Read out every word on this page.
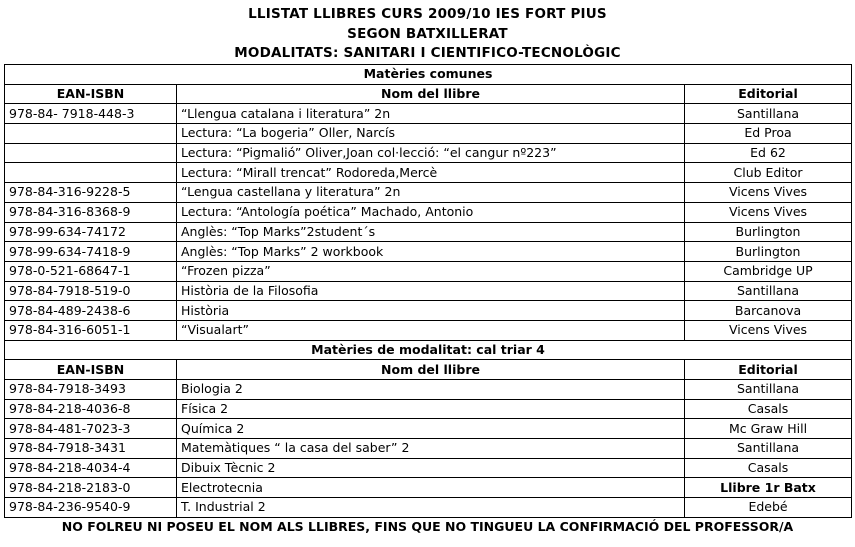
LLISTAT LLIBRES CURS 2009/10 IES FORT PIUS
SEGON BATXILLERAT
MODALITATS: SANITARI I CIENTIFICO-TECNOLÒGIC
Matèries comunes		
EAN-ISBN	Nom del llibre	Editorial
978-84- 7918-448-3	“Llengua catalana i literatura” 2n	Santillana
	Lectura: “La bogeria” Oller, Narcís	Ed Proa
	Lectura: “Pigmalió” Oliver,Joan col·lecció: “el cangur nº223”	Ed 62
	Lectura: “Mirall trencat” Rodoreda,Mercè	Club Editor
978-84-316-9228-5	“Lengua castellana y literatura” 2n	Vicens Vives
978-84-316-8368-9	Lectura: “Antología poética” Machado, Antonio	Vicens Vives
978-99-634-74172	Anglès: “Top Marks”2student´s	Burlington
978-99-634-7418-9	Anglès: “Top Marks” 2 workbook	Burlington
978-0-521-68647-1	“Frozen pizza”	Cambridge UP
978-84-7918-519-0	Història de la Filosofia	Santillana
978-84-489-2438-6	Història	Barcanova
978-84-316-6051-1	“Visualart”	Vicens Vives
Matèries de modalitat: cal triar 4		
EAN-ISBN	Nom del llibre	Editorial
978-84-7918-3493	Biologia 2	Santillana
978-84-218-4036-8	Física 2	Casals
978-84-481-7023-3	Química 2	Mc Graw Hill
978-84-7918-3431	Matemàtiques “ la casa del saber” 2	Santillana
978-84-218-4034-4	Dibuix Tècnic 2	Casals
978-84-218-2183-0	Electrotecnia	Llibre 1r Batx
978-84-236-9540-9	T. Industrial 2	Edebé
NO FOLREU NI POSEU EL NOM ALS LLIBRES, FINS QUE NO TINGUEU LA CONFIRMACIÓ DEL PROFESSOR/A
